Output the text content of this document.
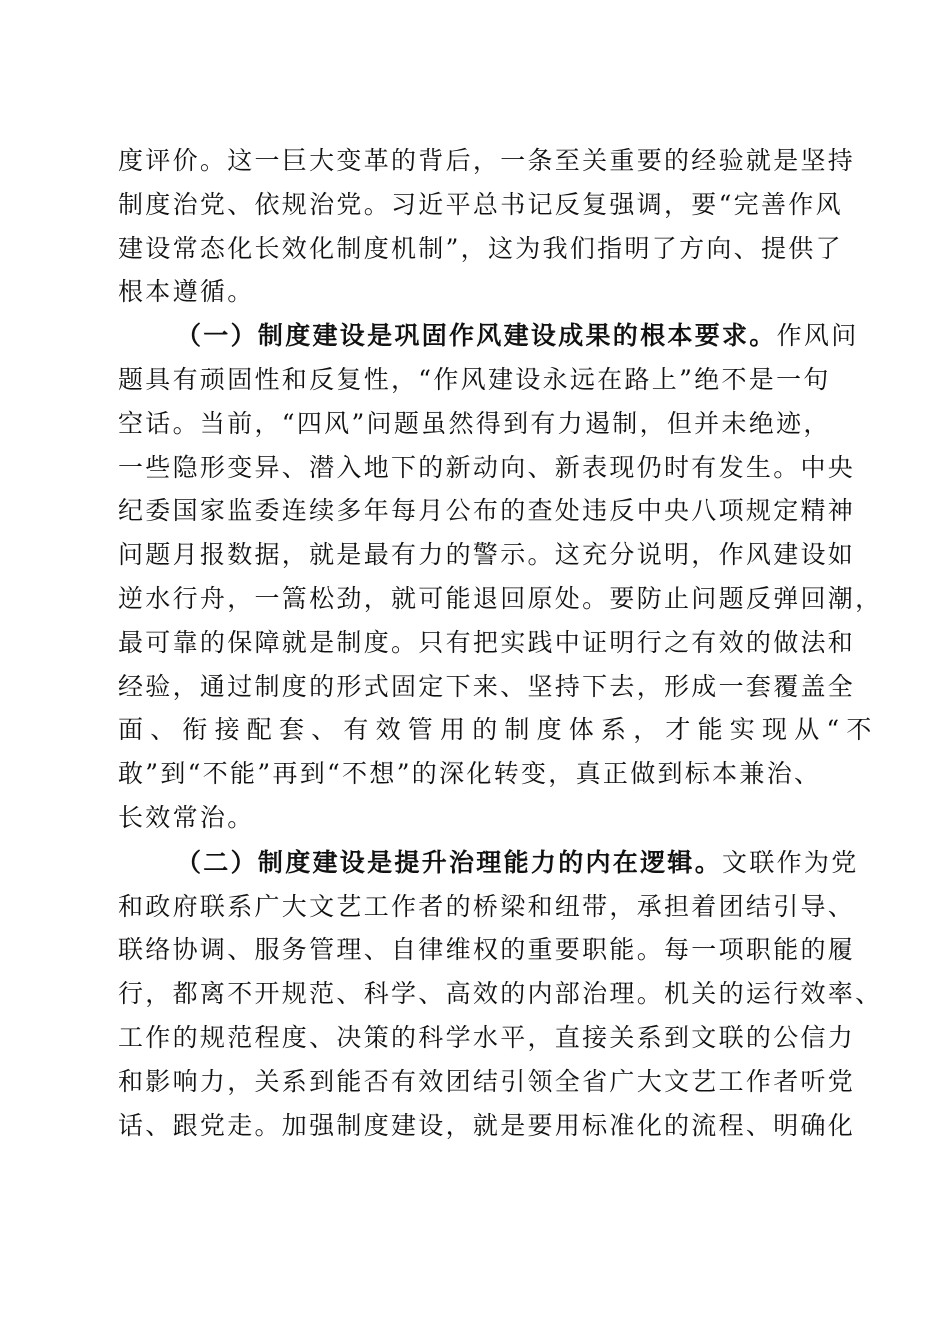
度评价。这一巨大变革的背后，一条至关重要的经验就是坚持
制度治党、依规治党。习近平总书记反复强调，要“完善作风
建设常态化长效化制度机制”，这为我们指明了方向、提供了
根本遵循。
（一）制度建设是巩固作风建设成果的根本要求。作风问
题具有顽固性和反复性，“作风建设永远在路上”绝不是一句
空话。当前，“四风”问题虽然得到有力遏制，但并未绝迹，
一些隐形变异、潜入地下的新动向、新表现仍时有发生。中央
纪委国家监委连续多年每月公布的查处违反中央八项规定精神
问题月报数据，就是最有力的警示。这充分说明，作风建设如
逆水行舟，一篙松劲，就可能退回原处。要防止问题反弹回潮，
最可靠的保障就是制度。只有把实践中证明行之有效的做法和
经验，通过制度的形式固定下来、坚持下去，形成一套覆盖全
面、衔接配套、有效管用的制度体系，才能实现从“不
敢”到“不能”再到“不想”的深化转变，真正做到标本兼治、
长效常治。
（二）制度建设是提升治理能力的内在逻辑。文联作为党
和政府联系广大文艺工作者的桥梁和纽带，承担着团结引导、
联络协调、服务管理、自律维权的重要职能。每一项职能的履
行，都离不开规范、科学、高效的内部治理。机关的运行效率、
工作的规范程度、决策的科学水平，直接关系到文联的公信力
和影响力，关系到能否有效团结引领全省广大文艺工作者听党
话、跟党走。加强制度建设，就是要用标准化的流程、明确化
